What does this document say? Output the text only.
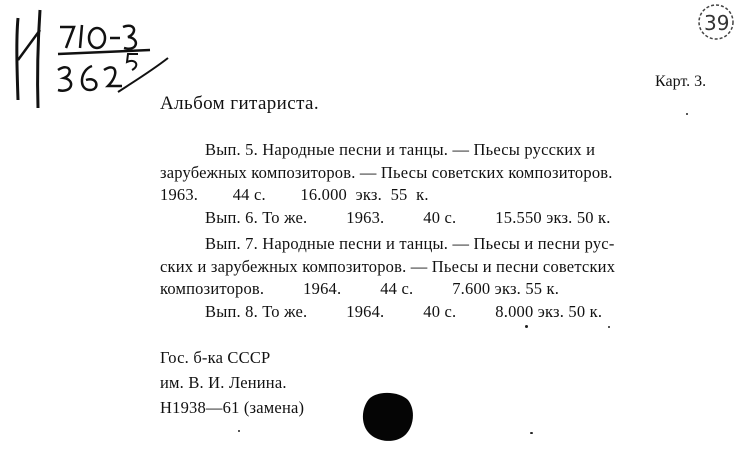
39
Карт. 3.
Альбом гитариста.
Вып. 5. Народные песни и танцы. — Пьесы русских и
зарубежных композиторов. — Пьесы советских композиторов.
1963.        44 с.        16.000  экз.  55  к.
Вып. 6. То же.         1963.         40 с.         15.550 экз. 50 к.
Вып. 7. Народные песни и танцы. — Пьесы и песни рус-
ских и зарубежных композиторов. — Пьесы и песни советских
композиторов.         1964.         44 с.         7.600 экз. 55 к.
Вып. 8. То же.         1964.         40 с.         8.000 экз. 50 к.
Гос. б-ка СССР
им. В. И. Ленина.
Н1938—61 (замена)
